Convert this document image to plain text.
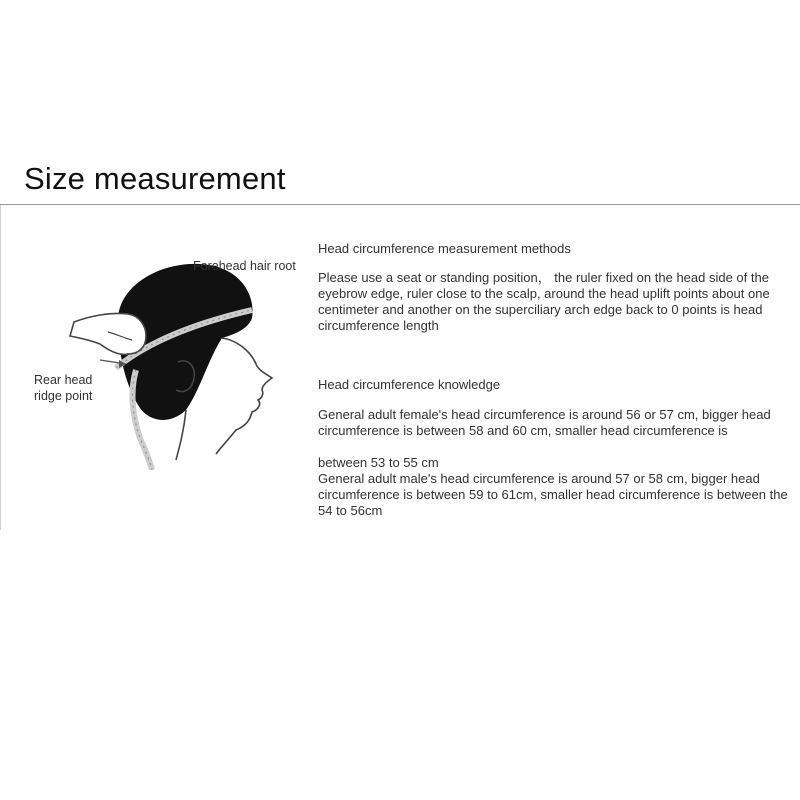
Size measurement
Forehead hair root
Rear head
ridge point
Head circumference measurement methods
Please use a seat or standing position， the ruler fixed on the head side of the eyebrow edge, ruler close to the scalp, around the head uplift points about one centimeter and another on the superciliary arch edge back to 0 points is head circumference length
Head circumference knowledge
General adult female's head circumference is around 56 or 57 cm, bigger head circumference is between 58 and 60 cm, smaller head circumference is
between 53 to 55 cm
General adult male's head circumference is around 57 or 58 cm, bigger head circumference is between 59 to 61cm, smaller head circumference is between the 54 to 56cm
